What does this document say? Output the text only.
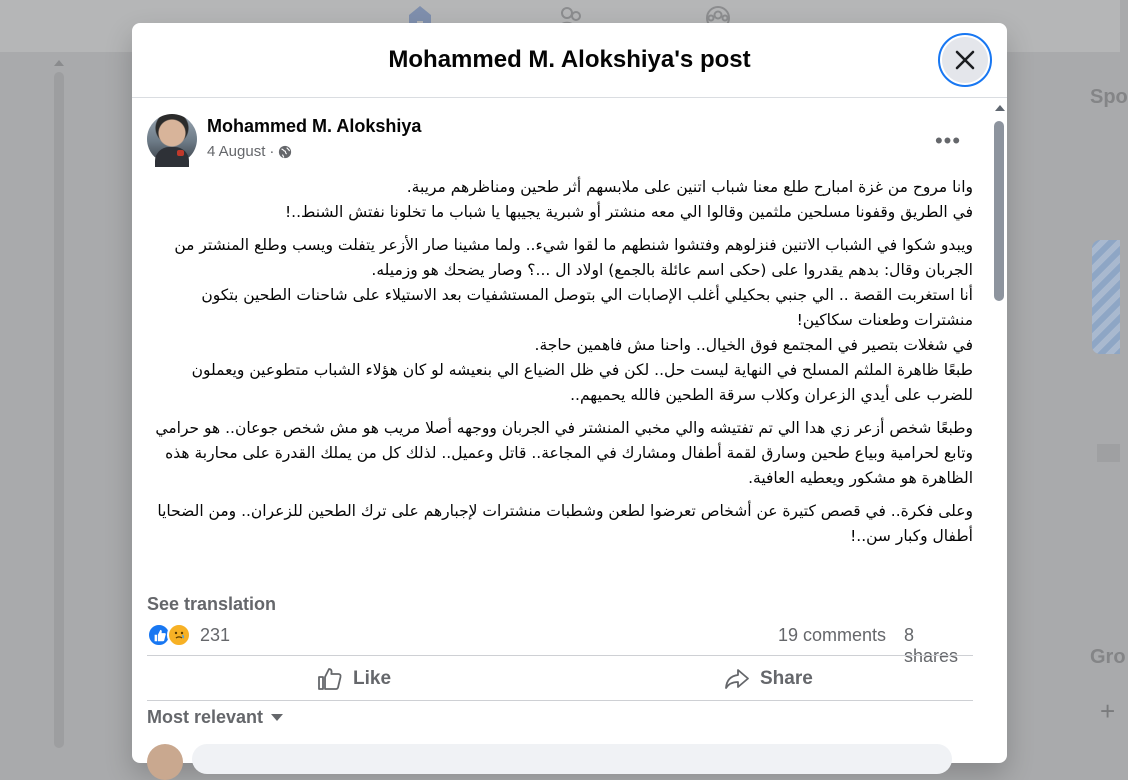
Spo
Gro
+
Mohammed M. Alokshiya's post
Mohammed M. Alokshiya
4 August ·	•••

وانا مروح من غزة امبارح طلع معنا شباب اتنين على ملابسهم أثر طحين ومناظرهم مريبة.
في الطريق وقفونا مسلحين ملثمين وقالوا الي معه منشتر أو شبرية يجيبها يا شباب ما تخلونا نفتش الشنط..!

ويبدو شكوا في الشباب الاتنين فنزلوهم وفتشوا شنطهم ما لقوا شيء.. ولما مشينا صار الأزعر يتفلت ويسب وطلع المنشتر من الجربان وقال: بدهم يقدروا على (حكى اسم عائلة بالجمع) اولاد ال ...؟ وصار يضحك هو وزميله.
أنا استغربت القصة .. الي جنبي بحكيلي أغلب الإصابات الي بتوصل المستشفيات بعد الاستيلاء على شاحنات الطحين بتكون منشترات وطعنات سكاكين!
في شغلات بتصير في المجتمع فوق الخيال.. واحنا مش فاهمين حاجة.
طبعًا ظاهرة الملثم المسلح في النهاية ليست حل.. لكن في ظل الضياع الي بنعيشه لو كان هؤلاء الشباب متطوعين ويعملون للضرب على أيدي الزعران وكلاب سرقة الطحين فالله يحميهم..

وطبعًا شخص أزعر زي هدا الي تم تفتيشه والي مخبي المنشتر في الجربان ووجهه أصلا مريب هو مش شخص جوعان.. هو حرامي وتابع لحرامية وبياع طحين وسارق لقمة أطفال ومشارك في المجاعة.. قاتل وعميل.. لذلك كل من يملك القدرة على محاربة هذه الظاهرة هو مشكور ويعطيه العافية.

وعلى فكرة.. في قصص كتيرة عن أشخاص تعرضوا لطعن وشطبات منشترات لإجبارهم على ترك الطحين للزعران.. ومن الضحايا أطفال وكبار سن..!

See translation
231	19 comments 8 shares
Like	Share
Most relevant
